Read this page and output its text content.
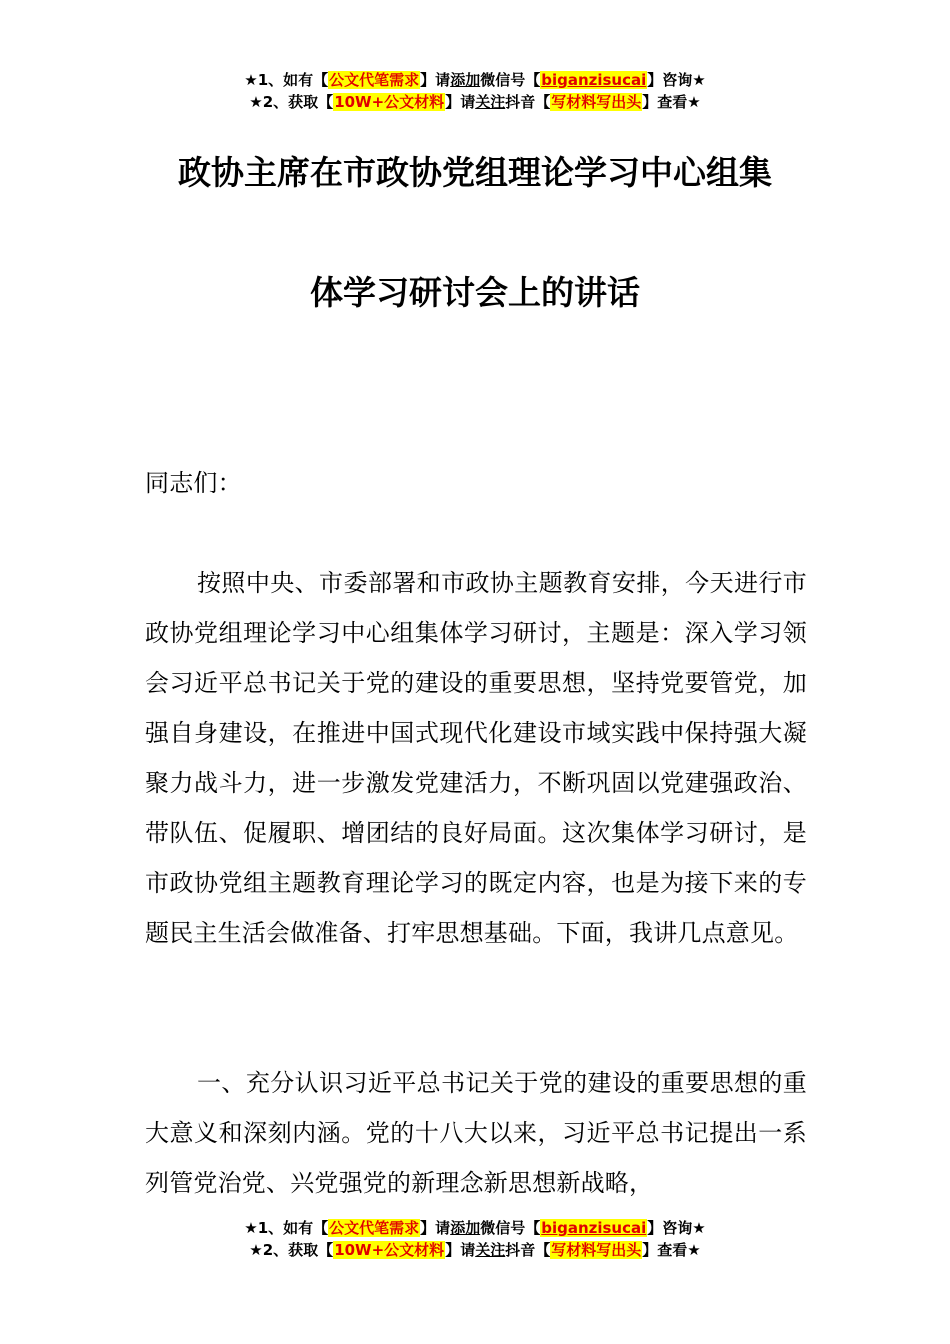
★1、如有【公文代笔需求】请添加微信号【biganzisucai】咨询★
★2、获取【10W+公文材料】请关注抖音【写材料写出头】查看★
政协主席在市政协党组理论学习中心组集
体学习研讨会上的讲话
同志们：
按照中央、市委部署和市政协主题教育安排，今天进行市政协党组理论学习中心组集体学习研讨，主题是：深入学习领会习近平总书记关于党的建设的重要思想，坚持党要管党，加强自身建设，在推进中国式现代化建设市域实践中保持强大凝聚力战斗力，进一步激发党建活力，不断巩固以党建强政治、带队伍、促履职、增团结的良好局面。这次集体学习研讨，是市政协党组主题教育理论学习的既定内容，也是为接下来的专题民主生活会做准备、打牢思想基础。下面，我讲几点意见。
一、充分认识习近平总书记关于党的建设的重要思想的重大意义和深刻内涵。党的十八大以来，习近平总书记提出一系列管党治党、兴党强党的新理念新思想新战略，
★1、如有【公文代笔需求】请添加微信号【biganzisucai】咨询★
★2、获取【10W+公文材料】请关注抖音【写材料写出头】查看★
